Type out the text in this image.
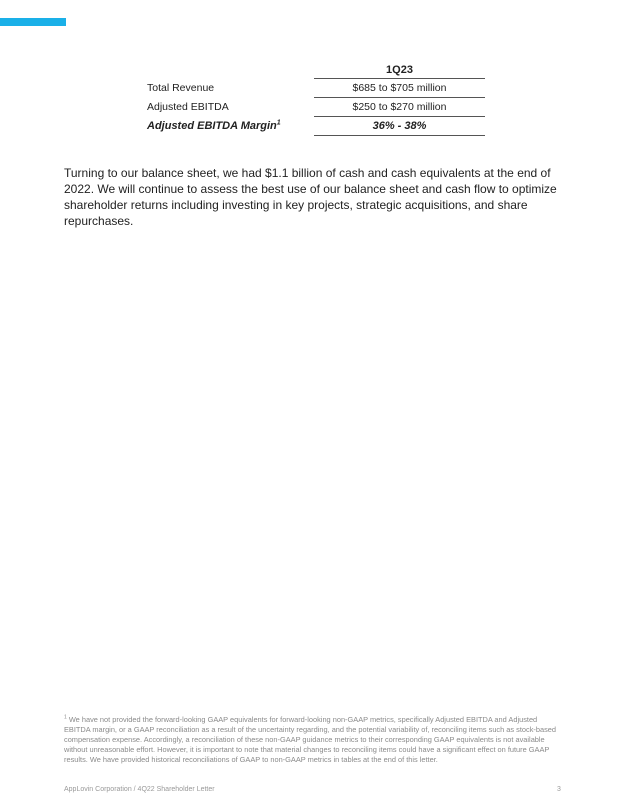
	1Q23
Total Revenue	$685 to $705 million
Adjusted EBITDA	$250 to $270 million
Adjusted EBITDA Margin$^1$	36% - 38%

Turning to our balance sheet, we had $1.1 billion of cash and cash equivalents at the end of 2022. We will continue to assess the best use of our balance sheet and cash flow to optimize shareholder returns including investing in key projects, strategic acquisitions, and share repurchases.

$^1$ We have not provided the forward-looking GAAP equivalents for forward-looking non-GAAP metrics, specifically Adjusted EBITDA and Adjusted EBITDA margin, or a GAAP reconciliation as a result of the uncertainty regarding, and the potential variability of, reconciling items such as stock-based compensation expense. Accordingly, a reconciliation of these non-GAAP guidance metrics to their corresponding GAAP equivalents is not available without unreasonable effort. However, it is important to note that material changes to reconciling items could have a significant effect on future GAAP results. We have provided historical reconciliations of GAAP to non-GAAP metrics in tables at the end of this letter.

AppLovin Corporation / 4Q22 Shareholder Letter	3
